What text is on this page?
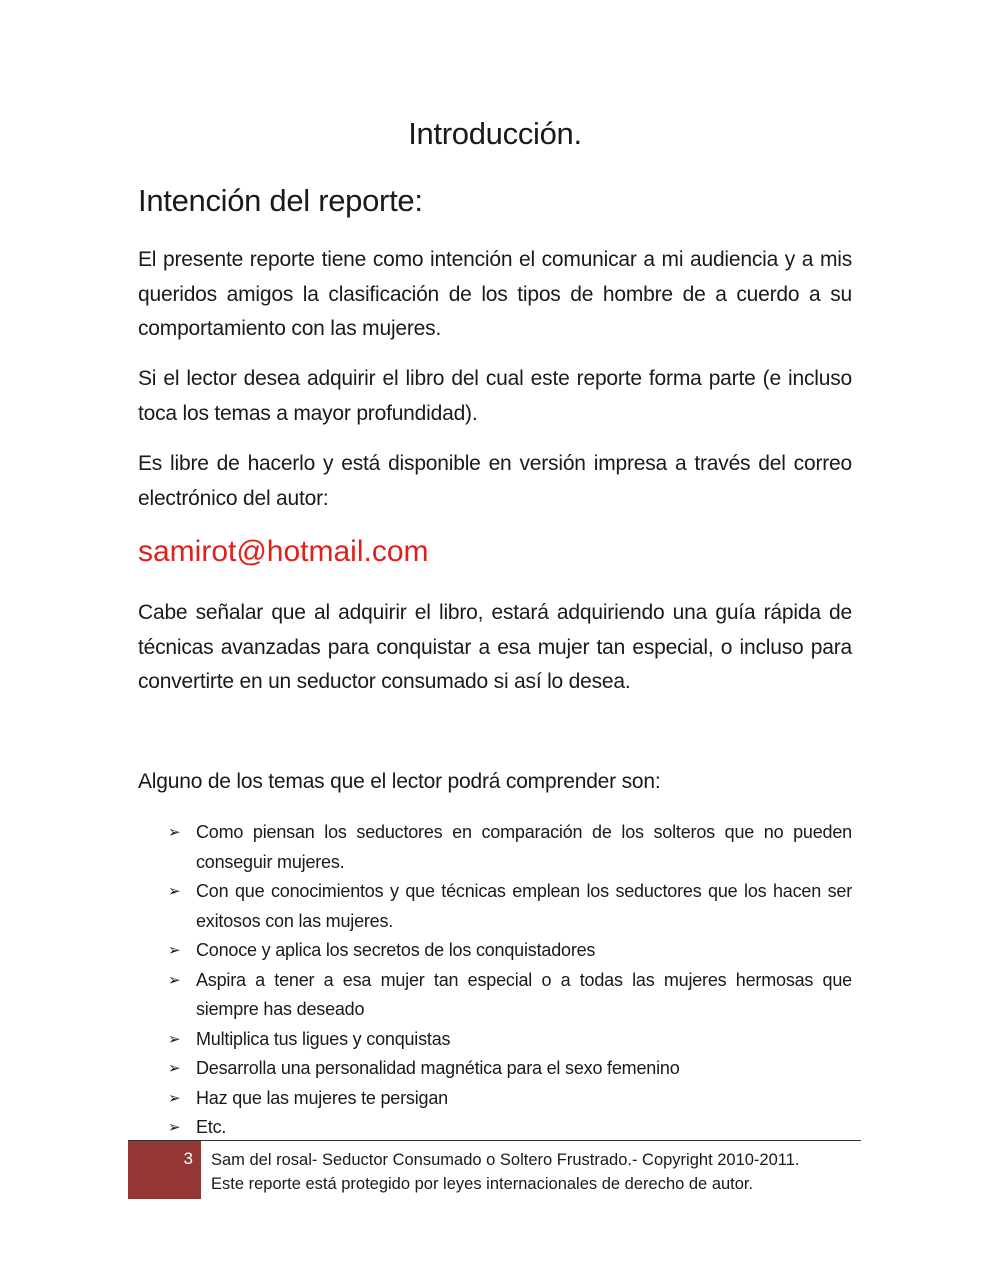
Introducción.
Intención del reporte:

El presente reporte tiene como intención el comunicar a mi audiencia y a mis queridos amigos la clasificación de los tipos de hombre de a cuerdo a su comportamiento con las mujeres.

Si el lector desea adquirir el libro del cual este reporte forma parte (e incluso toca los temas a mayor profundidad).

Es libre de hacerlo y está disponible en versión impresa a través del correo electrónico del autor:

samirot@hotmail.com

Cabe señalar que al adquirir el libro, estará adquiriendo una guía rápida de técnicas avanzadas para conquistar a esa mujer tan especial, o incluso para convertirte en un seductor consumado si así lo desea.

Alguno de los temas que el lector podrá comprender son:

➢ Como piensan los seductores en comparación de los solteros que no pueden conseguir mujeres.
➢ Con que conocimientos y que técnicas emplean los seductores que los hacen ser exitosos con las mujeres.
➢ Conoce y aplica los secretos de los conquistadores
➢ Aspira a tener a esa mujer tan especial o a todas las mujeres hermosas que siempre has deseado
➢ Multiplica tus ligues y conquistas
➢ Desarrolla una personalidad magnética para el sexo femenino
➢ Haz que las mujeres te persigan
➢ Etc.
3 Sam del rosal- Seductor Consumado o Soltero Frustrado.- Copyright 2010-2011.
Este reporte está protegido por leyes internacionales de derecho de autor.
